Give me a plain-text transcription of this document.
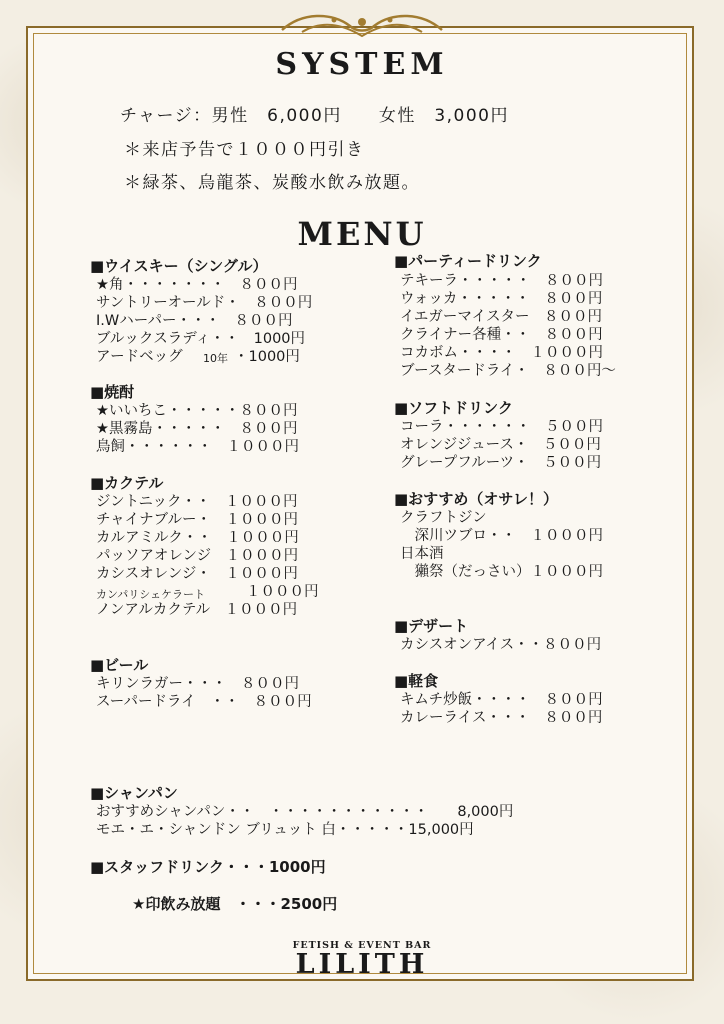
SYSTEM
チャージ：男性　6,000円　　女性　3,000円
＊来店予告で１０００円引き
＊緑茶、烏龍茶、炭酸水飲み放題。
MENU
■ウイスキー（シングル）
★角・・・・・・・　８００円
サントリーオールド・　８００円
I.Wハーパー・・・　８００円
ブルックスラディ・・　1000円
アードベッグ 10年 ・1000円
■焼酎
★いいちこ・・・・・８００円
★黒霧島・・・・・　８００円
鳥飼・・・・・・　１０００円
■カクテル
ジントニック・・　１０００円
チャイナブルー・　１０００円
カルアミルク・・　１０００円
パッソアオレンジ　１０００円
カシスオレンジ・　１０００円
カンパリシェケラート	１０００円
ノンアルカクテル　１０００円
■ビール
キリンラガー・・・　８００円
スーパードライ　・・　８００円
■パーティードリンク
テキーラ・・・・・　８００円
ウォッカ・・・・・　８００円
イエガーマイスター　８００円
クライナー各種・・　８００円
コカボム・・・・　１０００円
ブースタードライ・　８００円～
■ソフトドリンク
コーラ・・・・・・　５００円
オレンジジュース・　５００円
グレープフルーツ・　５００円
■おすすめ（オサレ！）
クラフトジン
　深川ツブロ・・　１０００円
日本酒
　獺祭（だっさい）１０００円
■デザート
カシスオンアイス・・８００円
■軽食
キムチ炒飯・・・・　８００円
カレーライス・・・　８００円
■シャンパン
おすすめシャンパン・・　・・・・・・・・・・・　　8,000円
モエ・エ・シャンドン ブリュット 白・・・・・15,000円
■スタッフドリンク・・・1000円
★印飲み放題　・・・2500円
FETISH & EVENT BAR
LILITH
